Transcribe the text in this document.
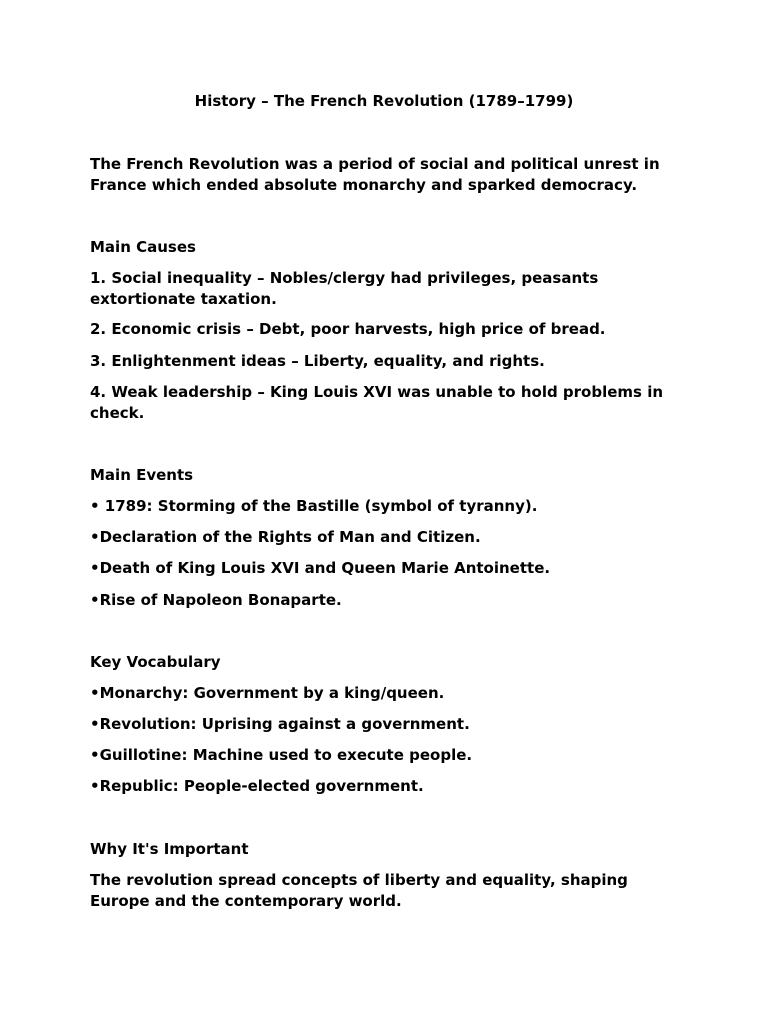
History – The French Revolution (1789–1799)
The French Revolution was a period of social and political unrest in France which ended absolute monarchy and sparked democracy.
Main Causes
1. Social inequality – Nobles/clergy had privileges, peasants extortionate taxation.
2. Economic crisis – Debt, poor harvests, high price of bread.
3. Enlightenment ideas – Liberty, equality, and rights.
4. Weak leadership – King Louis XVI was unable to hold problems in check.
Main Events
• 1789: Storming of the Bastille (symbol of tyranny).
•Declaration of the Rights of Man and Citizen.
•Death of King Louis XVI and Queen Marie Antoinette.
•Rise of Napoleon Bonaparte.
Key Vocabulary
•Monarchy: Government by a king/queen.
•Revolution: Uprising against a government.
•Guillotine: Machine used to execute people.
•Republic: People-elected government.
Why It's Important
The revolution spread concepts of liberty and equality, shaping Europe and the contemporary world.
